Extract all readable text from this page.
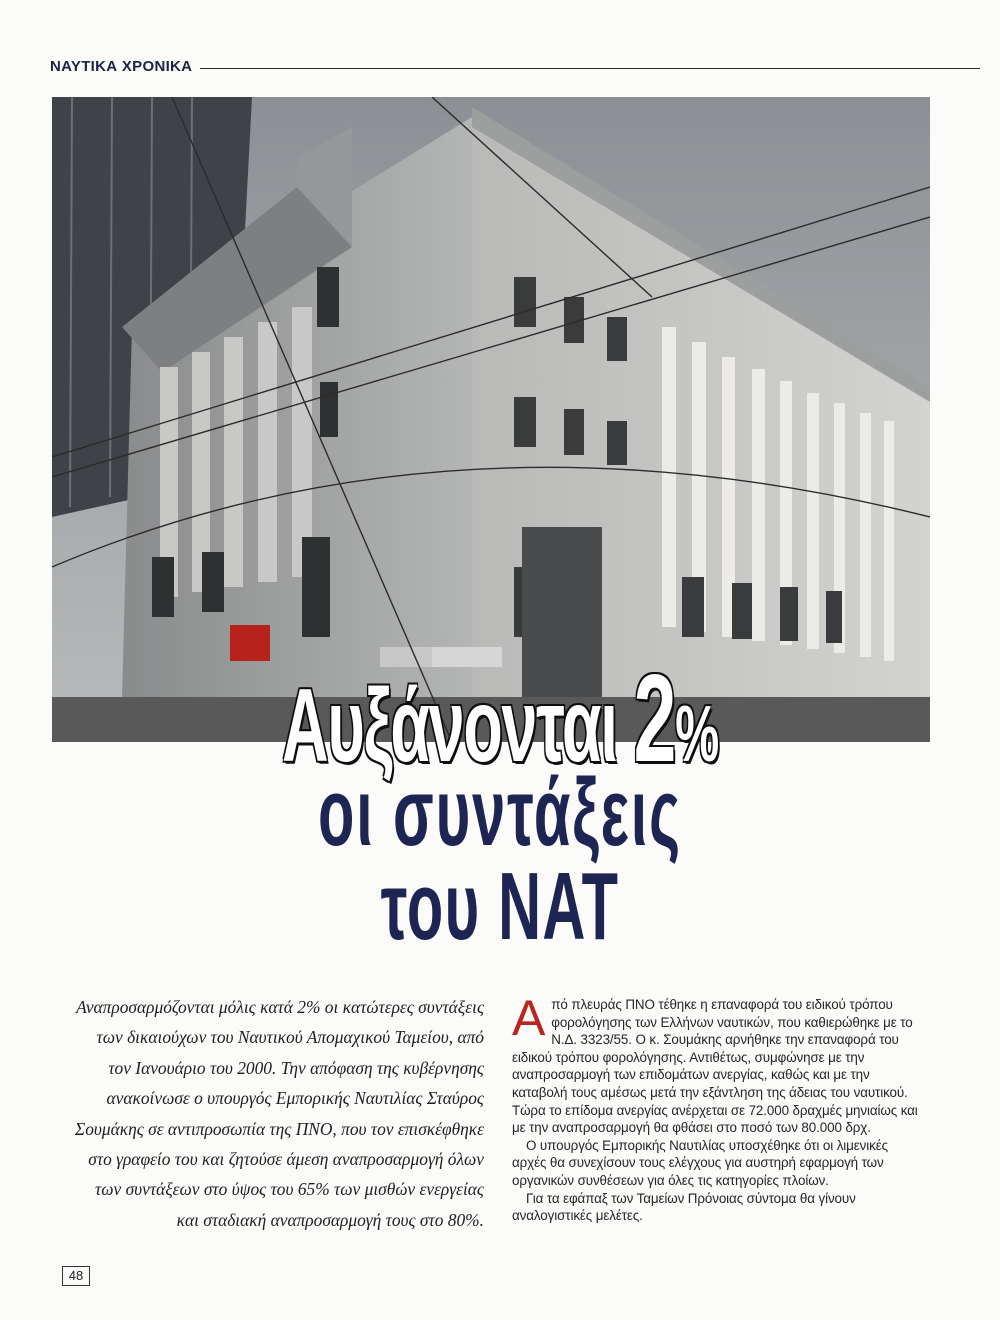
ΝΑΥΤΙΚΑ ΧΡΟΝΙΚΑ
Αυξάνονται 2%
οι συντάξεις
του ΝΑΤ
Αναπροσαρμόζονται μόλις κατά 2% οι κατώτερες συντάξεις των δικαιούχων του Ναυτικού Απομαχικού Ταμείου, από τον Ιανουάριο του 2000. Την απόφαση της κυβέρνησης ανακοίνωσε ο υπουργός Εμπορικής Ναυτιλίας Σταύρος Σουμάκης σε αντιπροσωπία της ΠΝΟ, που τον επισκέφθηκε στο γραφείο του και ζητούσε άμεση αναπροσαρμογή όλων των συντάξεων στο ύψος του 65% των μισθών ενεργείας και σταδιακή αναπροσαρμογή τους στο 80%.

Από πλευράς ΠΝΟ τέθηκε η επαναφορά του ειδικού τρόπου φορολόγησης των Ελλήνων ναυτικών, που καθιερώθηκε με το Ν.Δ. 3323/55. Ο κ. Σουμάκης αρνήθηκε την επαναφορά του ειδικού τρόπου φορολόγησης. Αντιθέτως, συμφώνησε με την αναπροσαρμογή των επιδομάτων ανεργίας, καθώς και με την καταβολή τους αμέσως μετά την εξάντληση της άδειας του ναυτικού. Τώρα το επίδομα ανεργίας ανέρχεται σε 72.000 δραχμές μηνιαίως και με την αναπροσαρμογή θα φθάσει στο ποσό των 80.000 δρχ.

Ο υπουργός Εμπορικής Ναυτιλίας υποσχέθηκε ότι οι λιμενικές αρχές θα συνεχίσουν τους ελέγχους για αυστηρή εφαρμογή των οργανικών συνθέσεων για όλες τις κατηγορίες πλοίων.

Για τα εφάπαξ των Ταμείων Πρόνοιας σύντομα θα γίνουν αναλογιστικές μελέτες.

48
